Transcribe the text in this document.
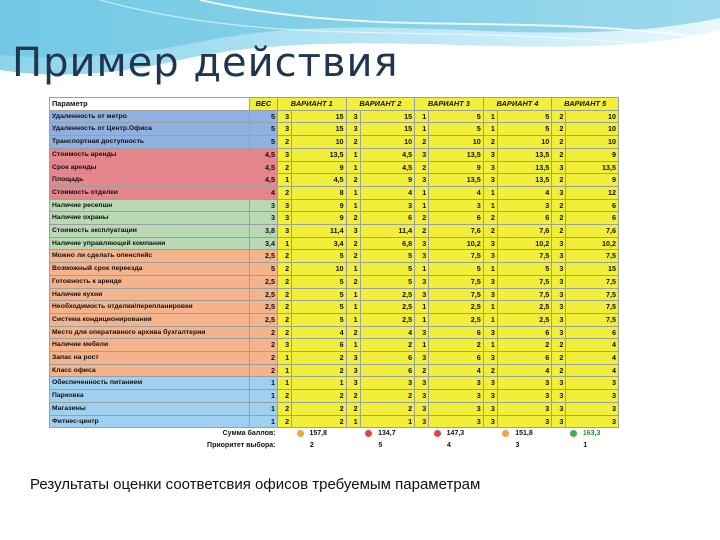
Пример действия
Параметр	ВЕС	ВАРИАНТ 1		ВАРИАНТ 2		ВАРИАНТ 3		ВАРИАНТ 4		ВАРИАНТ 5	
Удаленность от метро	5	3	15	3	15	1	5	1	5	2	10
Удаленность от Центр.Офиса	5	3	15	3	15	1	5	1	5	2	10
Транспортная доступность	5	2	10	2	10	2	10	2	10	2	10
Стоимость аренды	4,5	3	13,5	1	4,5	3	13,5	3	13,5	2	9
Срок аренды	4,5	2	9	1	4,5	2	9	3	13,5	3	13,5
Площадь	4,5	1	4,5	2	9	3	13,5	3	13,5	2	9
Стоимость отделки	4	2	8	1	4	1	4	1	4	3	12
Наличие ресепшн	3	3	9	1	3	1	3	1	3	2	6
Наличие охраны	3	3	9	2	6	2	6	2	6	2	6
Стоимость эксплуатации	3,8	3	11,4	3	11,4	2	7,6	2	7,6	2	7,6
Наличие управляющей компании	3,4	1	3,4	2	6,8	3	10,2	3	10,2	3	10,2
Можно ли сделать опенспейс	2,5	2	5	2	5	3	7,5	3	7,5	3	7,5
Возможный срок переезда	5	2	10	1	5	1	5	1	5	3	15
Готовность к аренде	2,5	2	5	2	5	3	7,5	3	7,5	3	7,5
Наличие кухни	2,5	2	5	1	2,5	3	7,5	3	7,5	3	7,5
Необходимость отделки/перепланировки	2,5	2	5	1	2,5	1	2,5	1	2,5	3	7,5
Система кондиционирования	2,5	2	5	1	2,5	1	2,5	1	2,5	3	7,5
Место для оперативного архива бухгалтерии	2	2	4	2	4	3	6	3	6	3	6
Наличие мебели	2	3	6	1	2	1	2	1	2	2	4
Запас на рост	2	1	2	3	6	3	6	3	6	2	4
Класс офиса	2	1	2	3	6	2	4	2	4	2	4
Обеспеченность питанием	1	1	1	3	3	3	3	3	3	3	3
Парковка	1	2	2	2	2	3	3	3	3	3	3
Магазины	1	2	2	2	2	3	3	3	3	3	3
Фитнес-центр	1	2	2	1	1	3	3	3	3	3	3
Сумма баллов:		157,8		134,7		147,3		151,8		163,3	
Приоритет выбора:		2		5		4		3		1	
Результаты оценки соответсвия офисов требуемым параметрам
